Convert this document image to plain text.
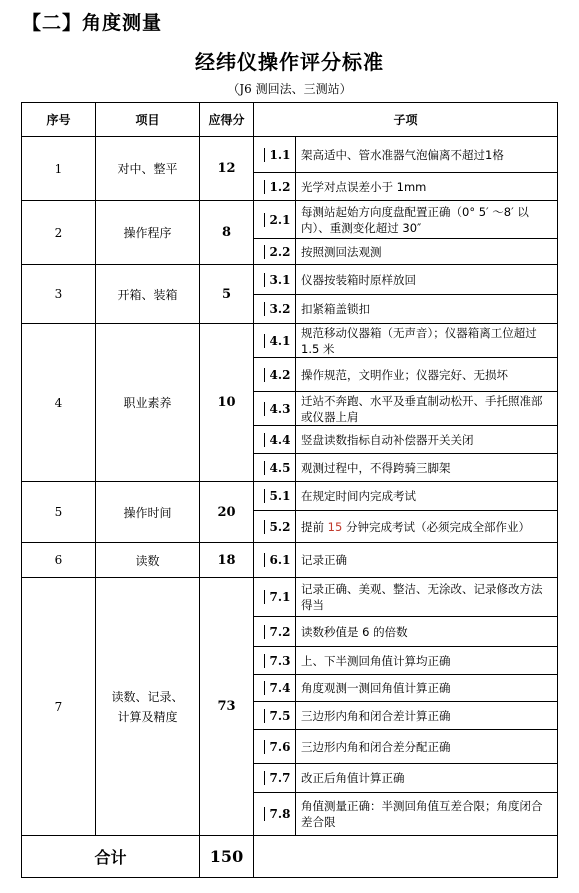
【二】角度测量
经纬仪操作评分标准
（J6 测回法、三测站）
序号	项目	应得分	子项	
1	对中、整平	12	1.1	架高适中、管水准器气泡偏离不超过1格

1.2	光学对点误差小于 1mm

2	操作程序	8	2.1	每测站起始方向度盘配置正确（0° 5′ ～8′ 以内）、重测变化超过 30″

2.2	按照测回法观测

3	开箱、装箱	5	3.1	仪器按装箱时原样放回

3.2	扣紧箱盖锁扣

4	职业素养	10	4.1	规范移动仪器箱（无声音）；仪器箱离工位超过 1.5 米

4.2	操作规范，文明作业；仪器完好、无损坏

4.3	迁站不奔跑、水平及垂直制动松开、手托照准部或仪器上肩

4.4	竖盘读数指标自动补偿器开关关闭

4.5	观测过程中，不得跨骑三脚架

5	操作时间	20	5.1	在规定时间内完成考试

5.2	提前 15 分钟完成考试（必须完成全部作业）

6	读数	18	6.1	记录正确

7	读数、记录、计算及精度	73	7.1	记录正确、美观、整洁、无涂改、记录修改方法得当

7.2	读数秒值是 6 的倍数

7.3	上、下半测回角值计算均正确

7.4	角度观测一测回角值计算正确

7.5	三边形内角和闭合差计算正确

7.6	三边形内角和闭合差分配正确

7.7	改正后角值计算正确

7.8	角值测量正确：半测回角值互差合限；角度闭合差合限

合计		150		
